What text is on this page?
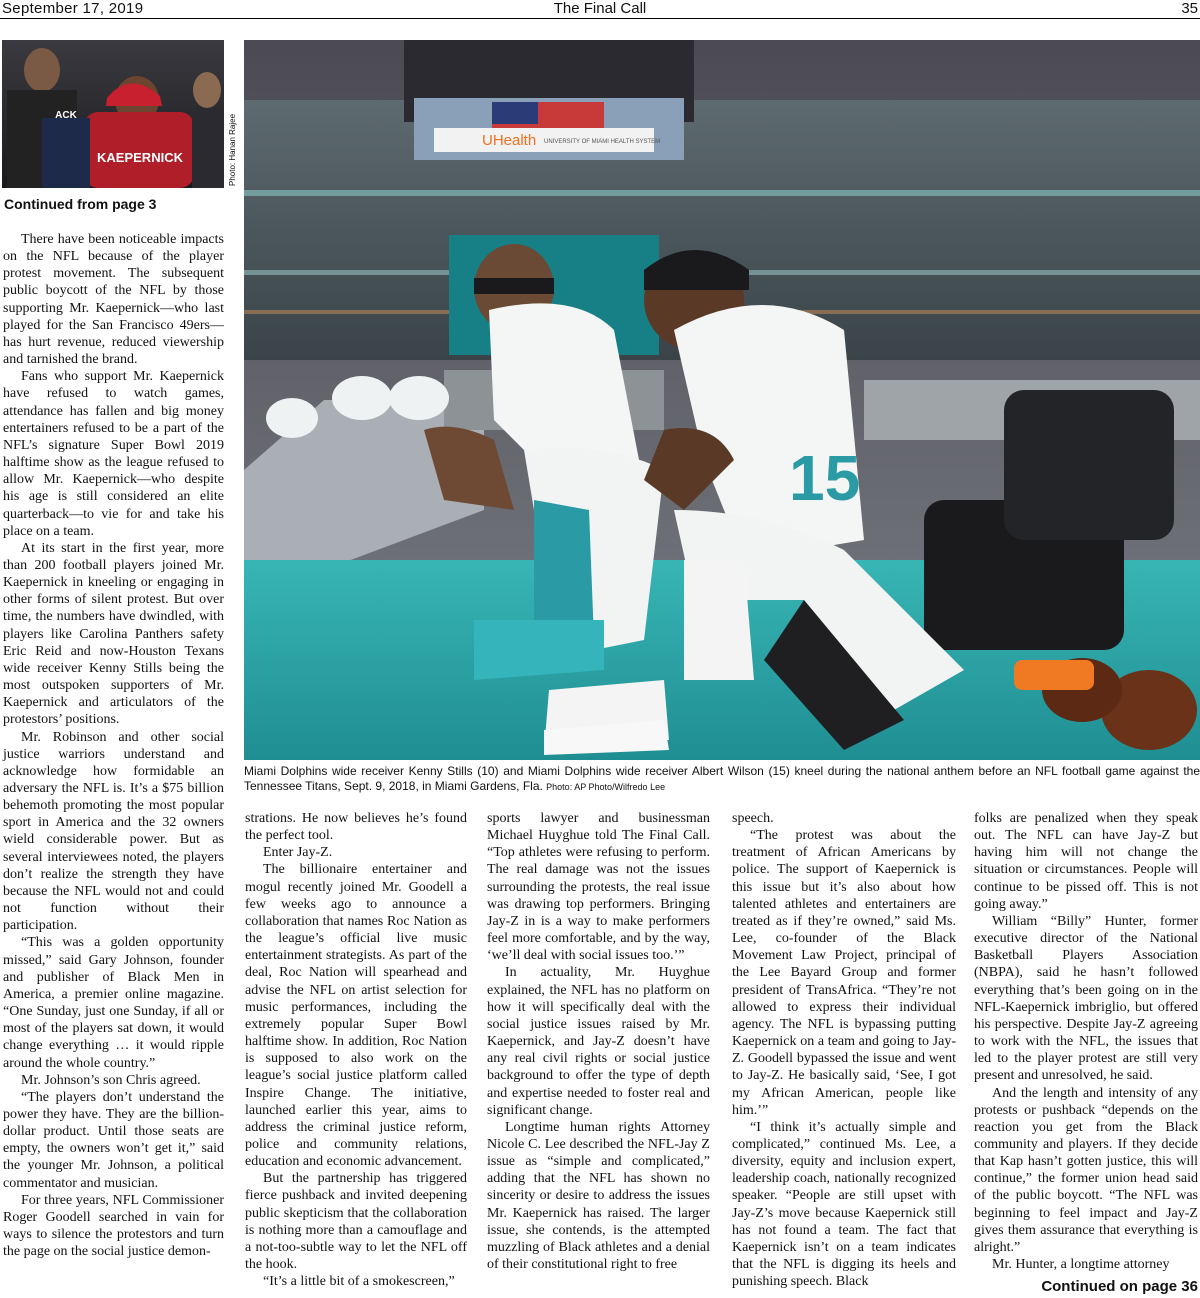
September 17, 2019	The Final Call	35
KAEPERNICK
ACK	Photo: Hanan Rajee	UHealth UNIVERSITY OF MIAMI HEALTH SYSTEM
15
Miami Dolphins wide receiver Kenny Stills (10) and Miami Dolphins wide receiver Albert Wilson (15) kneel during the national anthem before an NFL football game against the Tennessee Titans, Sept. 9, 2018, in Miami Gardens, Fla. Photo: AP Photo/Wilfredo Lee
Continued from page 3

There have been noticeable impacts on the NFL because of the player protest movement. The subsequent public boycott of the NFL by those supporting Mr. Kaepernick—who last played for the San Francisco 49ers—has hurt revenue, reduced viewership and tarnished the brand.

Fans who support Mr. Kaepernick have refused to watch games, attendance has fallen and big money entertainers refused to be a part of the NFL’s signature Super Bowl 2019 halftime show as the league refused to allow Mr. Kaepernick—who despite his age is still considered an elite quarterback—to vie for and take his place on a team.

At its start in the first year, more than 200 football players joined Mr. Kaepernick in kneeling or engaging in other forms of silent protest. But over time, the numbers have dwindled, with players like Carolina Panthers safety Eric Reid and now-Houston Texans wide receiver Kenny Stills being the most outspoken supporters of Mr. Kaepernick and articulators of the protestors’ positions.

Mr. Robinson and other social justice warriors understand and acknowledge how formidable an adversary the NFL is. It’s a $75 billion behemoth promoting the most popular sport in America and the 32 owners wield considerable power. But as several interviewees noted, the players don’t realize the strength they have because the NFL would not and could not function without their participation.

“This was a golden opportunity missed,” said Gary Johnson, founder and publisher of Black Men in America, a premier online magazine. “One Sunday, just one Sunday, if all or most of the players sat down, it would change everything … it would ripple around the whole country.”

Mr. Johnson’s son Chris agreed.

“The players don’t understand the power they have. They are the billion-dollar product. Until those seats are empty, the owners won’t get it,” said the younger Mr. Johnson, a political commentator and musician.

For three years, NFL Commissioner Roger Goodell searched in vain for ways to silence the protestors and turn the page on the social justice demon-

strations. He now believes he’s found the perfect tool.

Enter Jay-Z.

The billionaire entertainer and mogul recently joined Mr. Goodell a few weeks ago to announce a collaboration that names Roc Nation as the league’s official live music entertainment strategists. As part of the deal, Roc Nation will spearhead and advise the NFL on artist selection for music performances, including the extremely popular Super Bowl halftime show. In addition, Roc Nation is supposed to also work on the league’s social justice platform called Inspire Change. The initiative, launched earlier this year, aims to address the criminal justice reform, police and community relations, education and economic advancement.

But the partnership has triggered fierce pushback and invited deepening public skepticism that the collaboration is nothing more than a camouflage and a not-too-subtle way to let the NFL off the hook.

“It’s a little bit of a smokescreen,”

sports lawyer and businessman Michael Huyghue told The Final Call. “Top athletes were refusing to perform. The real damage was not the issues surrounding the protests, the real issue was drawing top performers. Bringing Jay-Z in is a way to make performers feel more comfortable, and by the way, ‘we’ll deal with social issues too.’”

In actuality, Mr. Huyghue explained, the NFL has no platform on how it will specifically deal with the social justice issues raised by Mr. Kaepernick, and Jay-Z doesn’t have any real civil rights or social justice background to offer the type of depth and expertise needed to foster real and significant change.

Longtime human rights Attorney Nicole C. Lee described the NFL-Jay Z issue as “simple and complicated,” adding that the NFL has shown no sincerity or desire to address the issues Mr. Kaepernick has raised. The larger issue, she contends, is the attempted muzzling of Black athletes and a denial of their constitutional right to free

speech.

“The protest was about the treatment of African Americans by police. The support of Kaepernick is this issue but it’s also about how talented athletes and entertainers are treated as if they’re owned,” said Ms. Lee, co-founder of the Black Movement Law Project, principal of the Lee Bayard Group and former president of TransAfrica. “They’re not allowed to express their individual agency. The NFL is bypassing putting Kaepernick on a team and going to Jay-Z. Goodell bypassed the issue and went to Jay-Z. He basically said, ‘See, I got my African American, people like him.’”

“I think it’s actually simple and complicated,” continued Ms. Lee, a diversity, equity and inclusion expert, leadership coach, nationally recognized speaker. “People are still upset with Jay-Z’s move because Kaepernick still has not found a team. The fact that Kaepernick isn’t on a team indicates that the NFL is digging its heels and punishing speech. Black

folks are penalized when they speak out. The NFL can have Jay-Z but having him will not change the situation or circumstances. People will continue to be pissed off. This is not going away.”

William “Billy” Hunter, former executive director of the National Basketball Players Association (NBPA), said he hasn’t followed everything that’s been going on in the NFL-Kaepernick imbriglio, but offered his perspective. Despite Jay-Z agreeing to work with the NFL, the issues that led to the player protest are still very present and unresolved, he said.

And the length and intensity of any protests or pushback “depends on the reaction you get from the Black community and players. If they decide that Kap hasn’t gotten justice, this will continue,” the former union head said of the public boycott. “The NFL was beginning to feel impact and Jay-Z gives them assurance that everything is alright.”

Mr. Hunter, a longtime attorney

Continued on page 36
